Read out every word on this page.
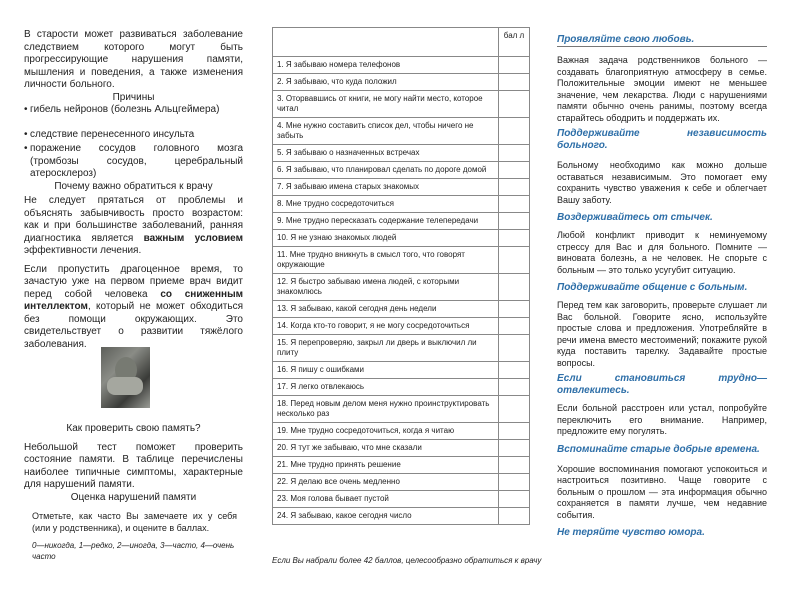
В старости может развиваться заболевание следствием которого могут быть прогрессирующие нарушения памяти, мышления и поведения, а также изменения личности больного.

Причины

• гибель нейронов (болезнь Альцгеймера)

• следствие перенесенного инсульта

• поражение сосудов головного мозга (тромбозы сосудов, церебральный атеросклероз)

Почему важно обратиться к врачу

Не следует прятаться от проблемы и объяснять забывчивость просто возрастом: как и при большинстве заболеваний, ранняя диагностика является важным условием эффективности лечения.

Если пропустить драгоценное время, то зачастую уже на первом приеме врач видит перед собой человека со сниженным интеллектом, который не может обходиться без помощи окружающих. Это свидетельствует о развитии тяжёлого заболевания.

Как проверить свою память?

Небольшой тест поможет проверить состояние памяти. В таблице перечислены наиболее типичные симптомы, характерные для нарушений памяти.

Оценка нарушений памяти

Отметьте, как часто Вы замечаете их у себя (или у родственника), и оцените в баллах.

0—никогда, 1—редко, 2—иногда, 3—часто, 4—очень часто

	бал л
1. Я забываю номера телефонов	
2. Я забываю, что куда положил	
3. Оторвавшись от книги, не могу найти место, которое читал	
4. Мне нужно составить список дел, чтобы ничего не забыть	
5. Я забываю о назначенных встречах	
6. Я забываю, что планировал сделать по дороге домой	
7. Я забываю имена старых знакомых	
8. Мне трудно сосредоточиться	
9. Мне трудно пересказать содержание телепередачи	
10. Я не узнаю знакомых людей	
11. Мне трудно вникнуть в смысл того, что говорят окружающие	
12. Я быстро забываю имена людей, с которыми знакомлюсь	
13. Я забываю, какой сегодня день недели	
14. Когда кто-то говорит, я не могу сосредоточиться	
15. Я перепроверяю, закрыл ли дверь и выключил ли плиту	
16. Я пишу с ошибками	
17. Я легко отвлекаюсь	
18. Перед новым делом меня нужно проинструктировать несколько раз	
19. Мне трудно сосредоточиться, когда я читаю	
20. Я тут же забываю, что мне сказали	
21. Мне трудно принять решение	
22. Я делаю все очень медленно	
23. Моя голова бывает пустой	
24. Я забываю, какое сегодня число	
Если Вы набрали более 42 баллов, целесообразно обратиться к врачу

Проявляйте свою любовь.

Важная задача родственников больного — создавать благоприятную атмосферу в семье. Положительные эмоции имеют не меньшее значение, чем лекарства. Люди с нарушениями памяти обычно очень ранимы, поэтому всегда старайтесь ободрить и поддержать их.

Поддерживайте независимость больного.

Больному необходимо как можно дольше оставаться независимым. Это помогает ему сохранить чувство уважения к себе и облегчает Вашу заботу.

Воздерживайтесь от стычек.

Любой конфликт приводит к неминуемому стрессу для Вас и для больного. Помните — виновата болезнь, а не человек. Не спорьте с больным — это только усугубит ситуацию.

Поддерживайте общение с больным.

Перед тем как заговорить, проверьте слушает ли Вас больной. Говорите ясно, используйте простые слова и предложения. Употребляйте в речи имена вместо местоимений; покажите рукой куда поставить тарелку. Задавайте простые вопросы.

Если становиться трудно— отвлекитесь.

Если больной расстроен или устал, попробуйте переключить его внимание. Например, предложите ему погулять.

Вспоминайте старые добрые времена.

Хорошие воспоминания помогают успокоиться и настроиться позитивно. Чаще говорите с больным о прошлом — эта информация обычно сохраняется в памяти лучше, чем недавние события.

Не теряйте чувство юмора.
